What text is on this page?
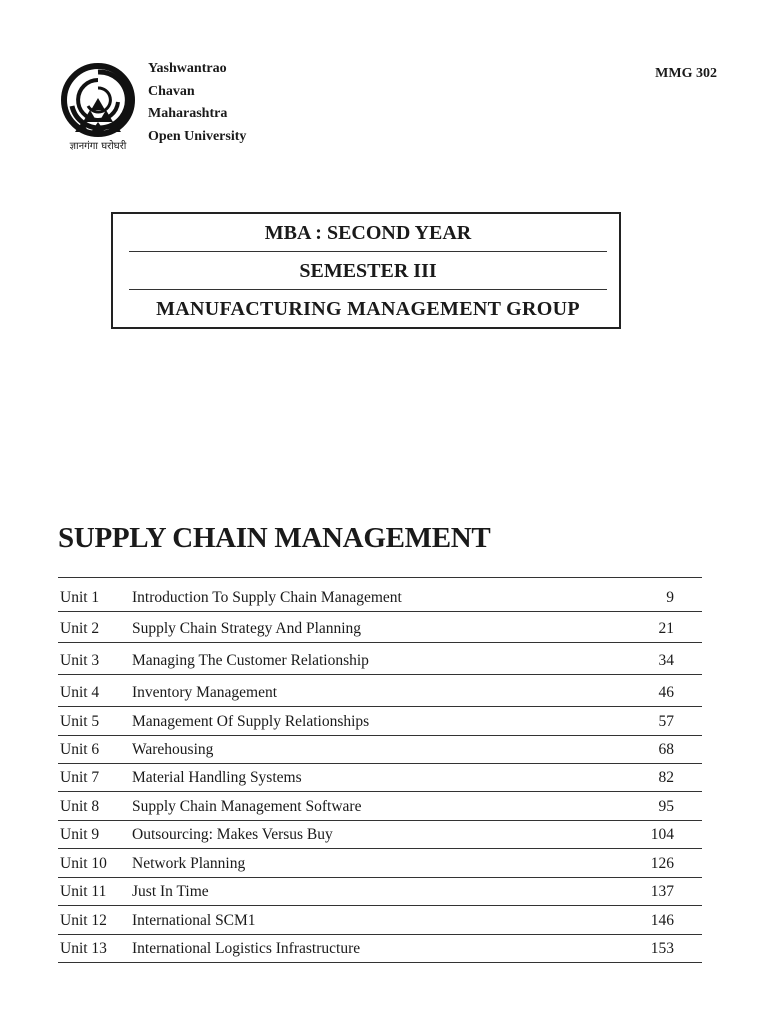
ज्ञानगंगा घरोघरी
Yashwantrao
Chavan
Maharashtra
Open University
MMG 302
MBA : SECOND YEAR
SEMESTER III
MANUFACTURING MANAGEMENT GROUP
SUPPLY CHAIN MANAGEMENT
Unit 1 Introduction To Supply Chain Management	9
Unit 2 Supply Chain Strategy And Planning	21
Unit 3 Managing The Customer Relationship	34
Unit 4 Inventory Management	46
Unit 5 Management Of Supply Relationships	57
Unit 6 Warehousing	68
Unit 7 Material Handling Systems	82
Unit 8 Supply Chain Management Software	95
Unit 9 Outsourcing: Makes Versus Buy	104
Unit 10 Network Planning	126
Unit 11 Just In Time	137
Unit 12 International SCM1	146
Unit 13 International Logistics Infrastructure	153
